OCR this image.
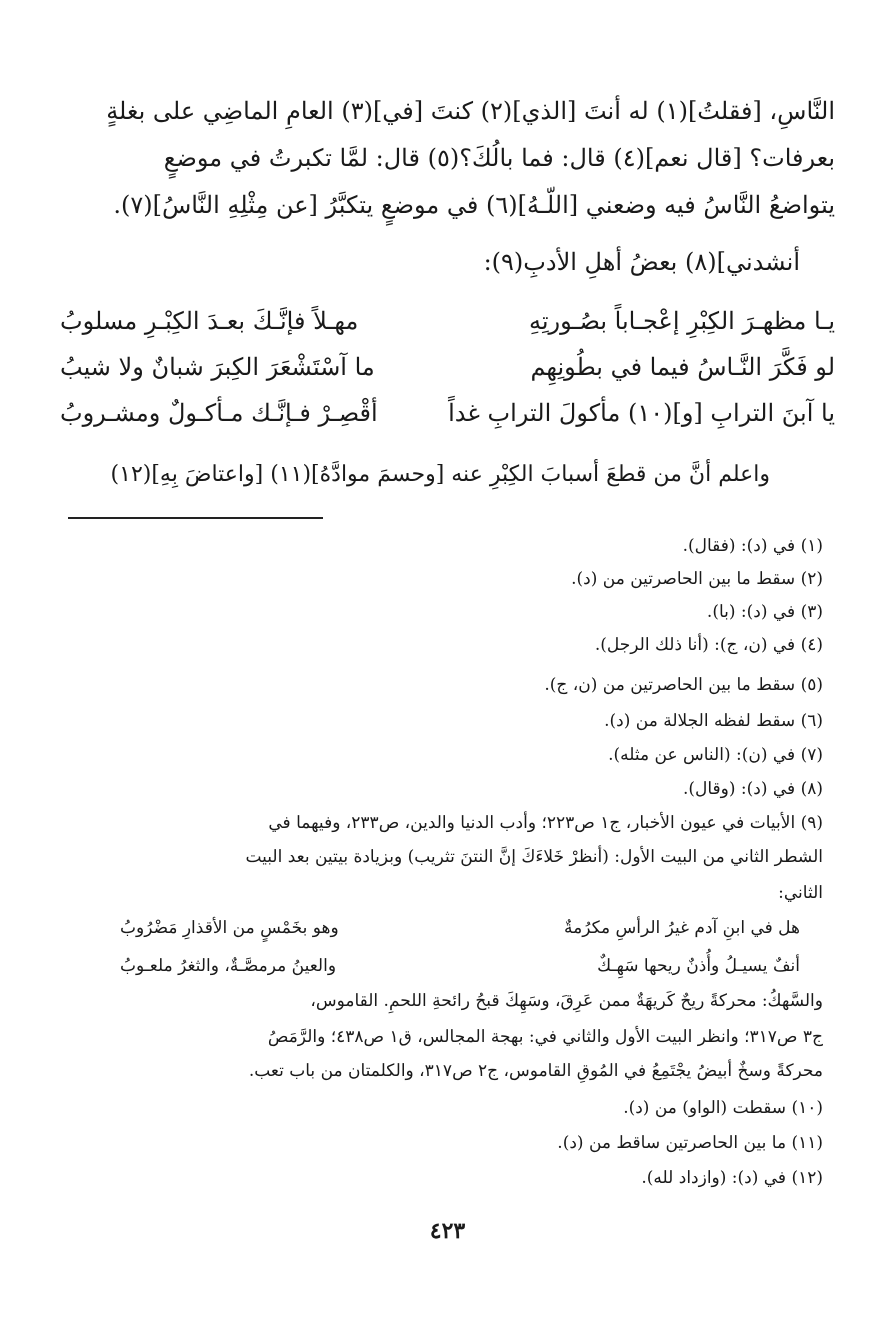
النَّاسِ، [فقلتُ](١) له أنتَ [الذي](٢) كنتَ [في](٣) العامِ الماضِي على بغلةٍ
بعرفات؟ [قال نعم](٤) قال: فما بالُكَ؟(٥) قال: لمَّا تكبرتُ في موضعٍ
يتواضعُ النَّاسُ فيه وضعني [اللّـهُ](٦) في موضعٍ يتكبَّرُ [عن مِثْلِهِ النَّاسُ](٧).
أنشدني](٨) بعضُ أهلِ الأدبِ(٩):
يـا مظهـرَ الكِبْرِ إعْجـاباً بصُـورتِهِ
مهـلاً فإنَّـكَ بعـدَ الكِبْـرِ مسلوبُ
لو فَكَّرَ النَّـاسُ فيما في بطُونِهِم
ما آسْتَشْعَرَ الكِبرَ شبانٌ ولا شيبُ
يا آبنَ الترابِ [و](١٠) مأكولَ الترابِ غداً
أقْصِـرْ فـإنَّـك مـأكـولٌ ومشـروبُ
واعلم أنَّ من قطعَ أسبابَ الكِبْرِ عنه [وحسمَ موادَّهُ](١١) [واعتاضَ بِهِ](١٢)
(١) في (د): (فقال).
(٢) سقط ما بين الحاصرتين من (د).
(٣) في (د): (با).
(٤) في (ن، ج): (أنا ذلك الرجل).
(٥) سقط ما بين الحاصرتين من (ن، ج).
(٦) سقط لفظه الجلالة من (د).
(٧) في (ن): (الناس عن مثله).
(٨) في (د): (وقال).
(٩) الأبيات في عيون الأخبار، ج١ ص٢٢٣؛ وأدب الدنيا والدين، ص٢٣٣، وفيهما في
الشطر الثاني من البيت الأول: (أنظرْ خَلاءَكَ إنَّ النتنَ تثريب) وبزيادة بيتين بعد البيت
الثاني:
هل في ابنِ آدم غيرُ الرأسِ مكرُمةٌ
وهو بخَمْسٍ من الأقذارِ مَضْرُوبُ
أنفٌ يسيـلُ وأُذنٌ ريحها سَهِـكٌ
والعينُ مرمصَّـةٌ، والثغرُ ملعـوبُ
والسَّهكُ: محركةً ريحٌ كَريهَةٌ ممن عَرِقَ، وسَهِكَ قبحُ رائحةِ اللحمِ. القاموس،
ج٣ ص٣١٧؛ وانظر البيت الأول والثاني في: بهجة المجالس، ق١ ص٤٣٨؛ والرَّمَصُ
محركةً وسخٌ أبيضُ يجْتَمِعُ في المُوقِ القاموس، ج٢ ص٣١٧، والكلمتان من باب تعب.
(١٠) سقطت (الواو) من (د).
(١١) ما بين الحاصرتين ساقط من (د).
(١٢) في (د): (وازداد لله).
٤٢٣
